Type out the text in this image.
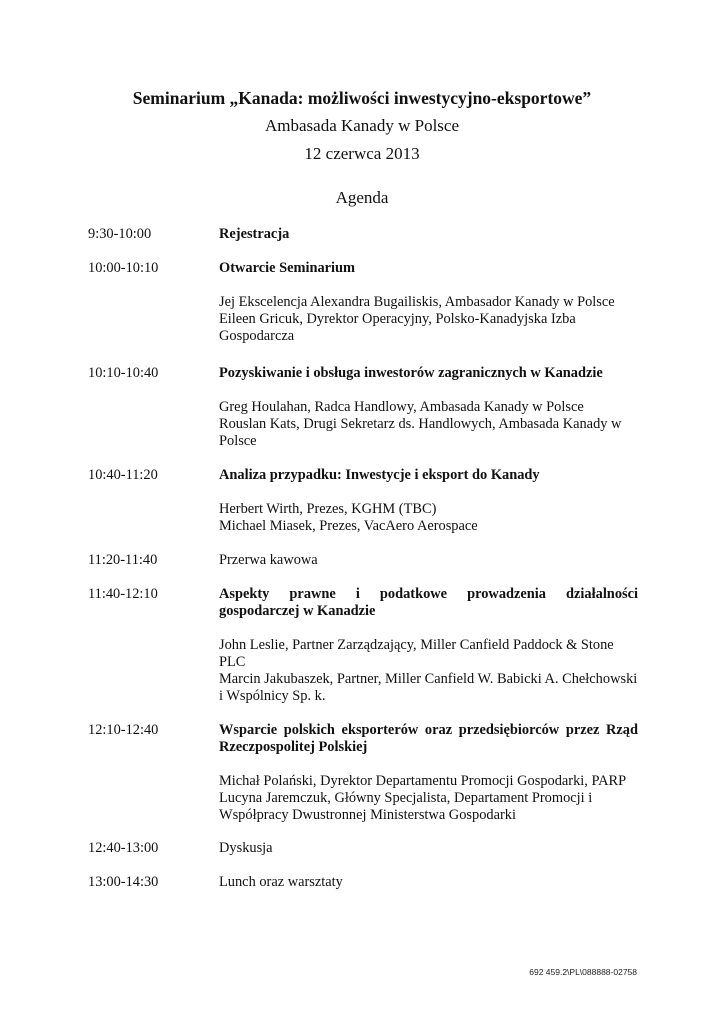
Seminarium „Kanada: możliwości inwestycyjno-eksportowe”
Ambasada Kanady w Polsce
12 czerwca 2013
Agenda
9:30-10:00	Rejestracja
10:00-10:10	Otwarcie Seminarium
Jej Ekscelencja Alexandra Bugailiskis, Ambasador Kanady w Polsce
Eileen Gricuk, Dyrektor Operacyjny, Polsko-Kanadyjska Izba Gospodarcza
10:10-10:40	Pozyskiwanie i obsługa inwestorów zagranicznych w Kanadzie
Greg Houlahan, Radca Handlowy, Ambasada Kanady w Polsce
Rouslan Kats, Drugi Sekretarz ds. Handlowych, Ambasada Kanady w Polsce
10:40-11:20	Analiza przypadku: Inwestycje i eksport do Kanady
Herbert Wirth, Prezes, KGHM (TBC)
Michael Miasek, Prezes, VacAero Aerospace
11:20-11:40	Przerwa kawowa
11:40-12:10	Aspekty prawne i podatkowe prowadzenia działalności gospodarczej w Kanadzie
John Leslie, Partner Zarządzający, Miller Canfield Paddock & Stone PLC
Marcin Jakubaszek, Partner, Miller Canfield W. Babicki A. Chełchowski i Wspólnicy Sp. k.
12:10-12:40	Wsparcie polskich eksporterów oraz przedsiębiorców przez Rząd Rzeczpospolitej Polskiej
Michał Polański, Dyrektor Departamentu Promocji Gospodarki, PARP
Lucyna Jaremczuk, Główny Specjalista, Departament Promocji i Współpracy Dwustronnej Ministerstwa Gospodarki
12:40-13:00	Dyskusja
13:00-14:30	Lunch oraz warsztaty
692 459.2\PL\088888-02758
